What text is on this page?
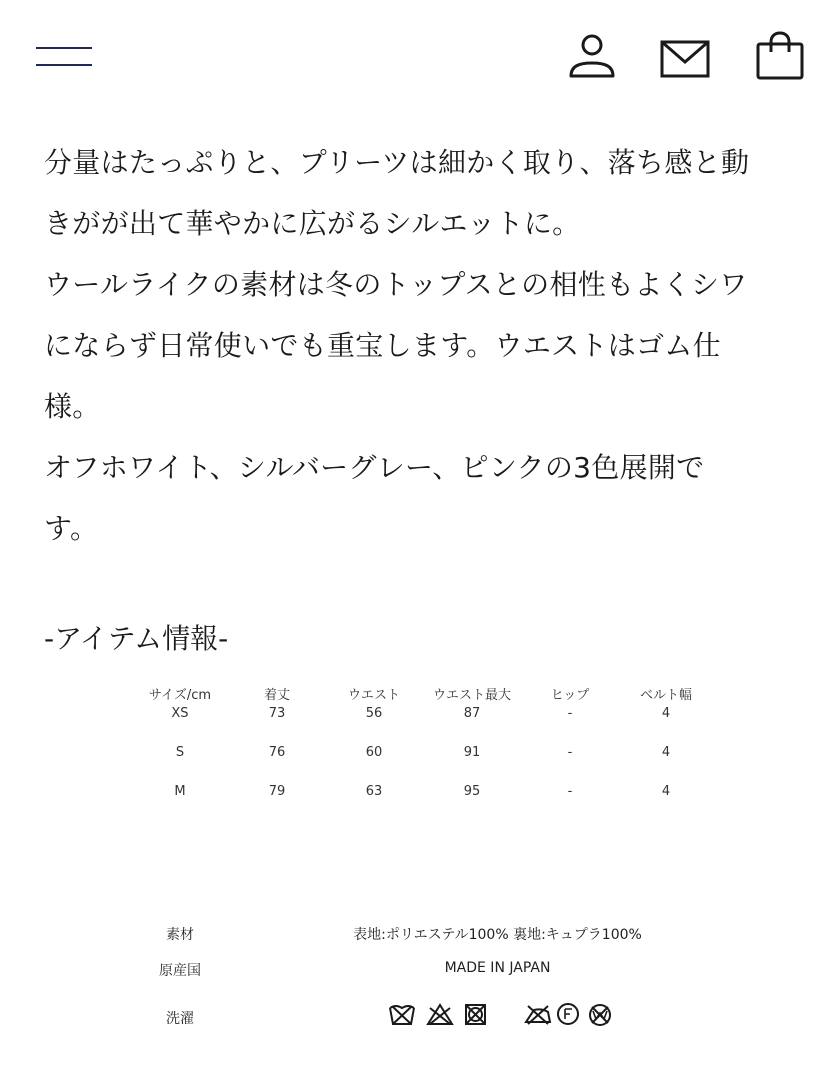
分量はたっぷりと、プリーツは細かく取り、落ち感と動

きがが出て華やかに広がるシルエットに。

ウールライクの素材は冬のトップスとの相性もよくシワ

にならず日常使いでも重宝します。ウエストはゴム仕

様。

オフホワイト、シルバーグレー、ピンクの3色展開で

す。

-アイテム情報-
サイズ/cm	着丈	ウエスト	ウエスト最大	ヒップ	ベルト幅
XS	73	56	87	-	4
S	76	60	91	-	4
M	79	63	95	-	4
素材	表地:ポリエステル100% 裏地:キュプラ100%
原産国	MADE IN JAPAN
洗濯
